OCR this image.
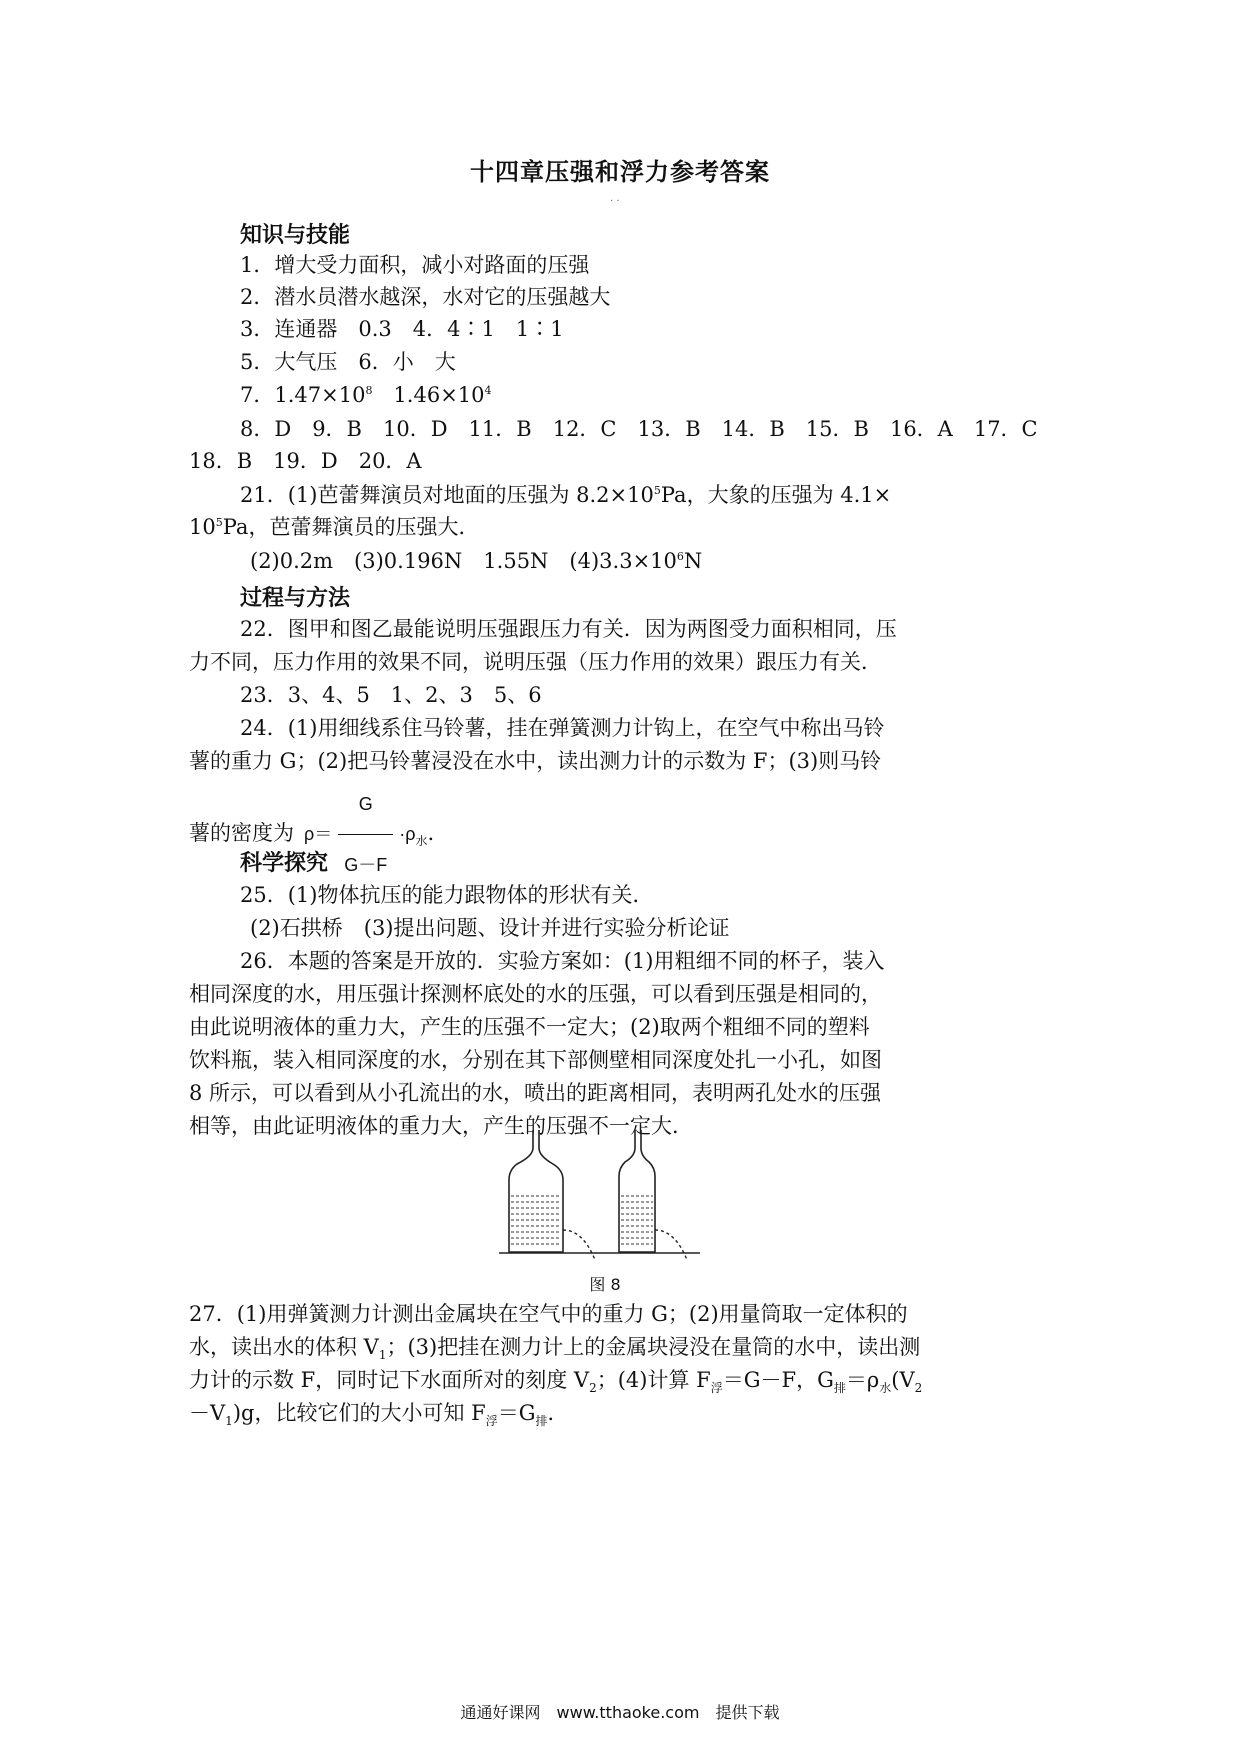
十四章压强和浮力参考答案
· ·
知识与技能
1．增大受力面积，减小对路面的压强
2．潜水员潜水越深，水对它的压强越大
3．连通器　0.3　4．4∶1　1∶1
5．大气压　6．小　大
7．$1.47\times 10^8$　$1.46\times 10^4$
8．D　9．B　10．D　11．B　12．C　13．B　14．B　15．B　16．A　17．C
18．B　19．D　20．A
21．(1)芭蕾舞演员对地面的压强为 $8.2\times 10^5Pa$，大象的压强为 4.1×
$10^5Pa$，芭蕾舞演员的压强大．
(2)0.2m　(3)0.196N　1.55N　$(4)3.3\times 10^6N$
过程与方法
22．图甲和图乙最能说明压强跟压力有关．因为两图受力面积相同，压
力不同，压力作用的效果不同，说明压强（压力作用的效果）跟压力有关．
23．3、4、5　1、2、3　5、6
24．(1)用细线系住马铃薯，挂在弹簧测力计钩上，在空气中称出马铃
薯的重力 G；(2)把马铃薯浸没在水中，读出测力计的示数为 F；(3)则马铃
薯的密度为 $\rho= \frac{G}{G-F} \cdot\rho_水$.
科学探究
25．(1)物体抗压的能力跟物体的形状有关．
(2)石拱桥　(3)提出问题、设计并进行实验分析论证
26．本题的答案是开放的．实验方案如：(1)用粗细不同的杯子，装入
相同深度的水，用压强计探测杯底处的水的压强，可以看到压强是相同的，
由此说明液体的重力大，产生的压强不一定大；(2)取两个粗细不同的塑料
饮料瓶，装入相同深度的水，分别在其下部侧壁相同深度处扎一小孔，如图
8 所示，可以看到从小孔流出的水，喷出的距离相同，表明两孔处水的压强
相等，由此证明液体的重力大，产生的压强不一定大．
图 8
27．(1)用弹簧测力计测出金属块在空气中的重力 G；(2)用量筒取一定体积的
水，读出水的体积 $V_1$；(3)把挂在测力计上的金属块浸没在量筒的水中，读出测
力计的示数 F，同时记下水面所对的刻度 $V_2$；(4)计算 $F_浮=G-F$，$G_排=\rho_水(V_2$
$-V_1)g$，比较它们的大小可知 $F_浮=G_排$．
通通好课网　www.tthaoke.com　提供下载
